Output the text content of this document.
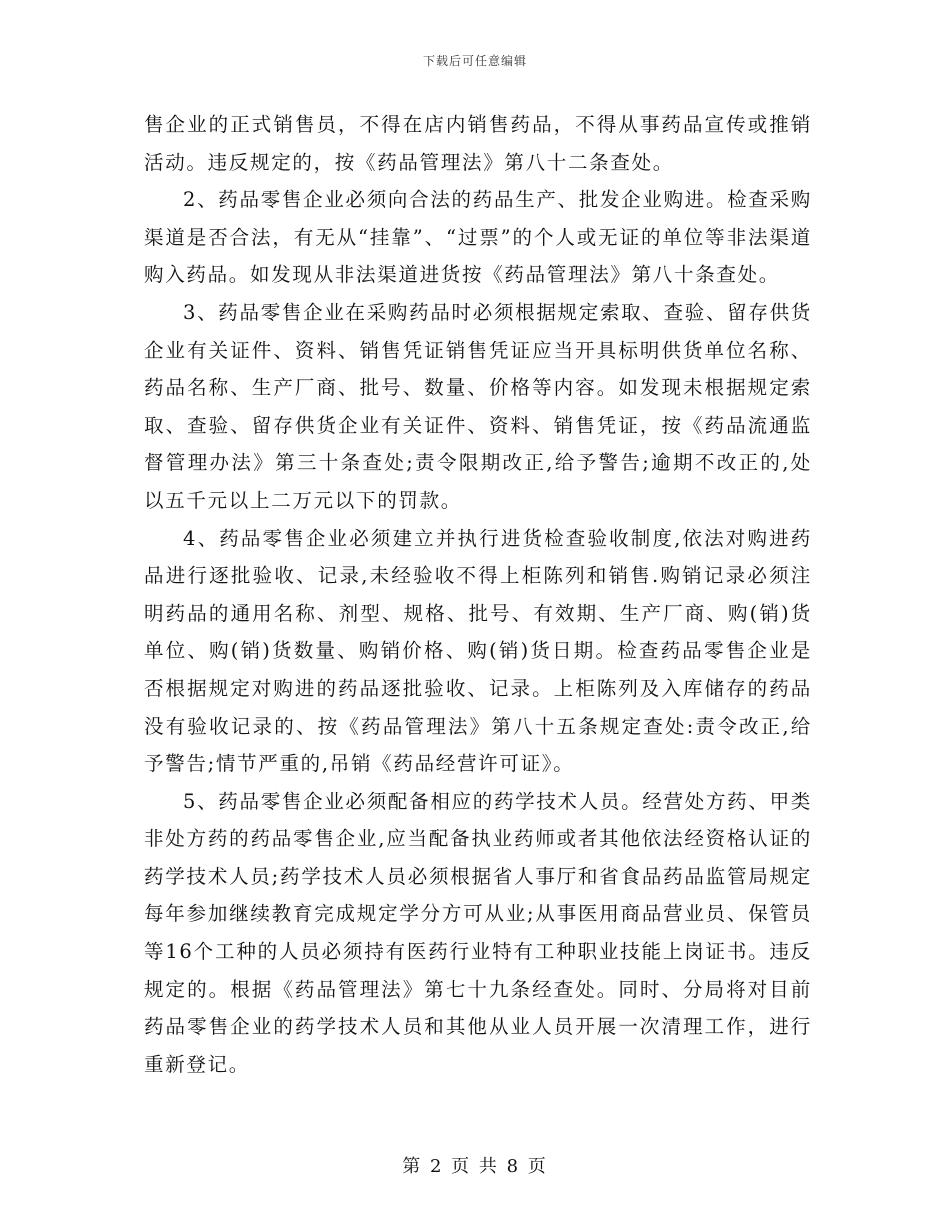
下载后可任意编辑

售企业的正式销售员，不得在店内销售药品，不得从事药品宣传或推销活动。违反规定的，按《药品管理法》第八十二条查处。

2、药品零售企业必须向合法的药品生产、批发企业购进。检查采购渠道是否合法，有无从“挂靠”、“过票”的个人或无证的单位等非法渠道购入药品。如发现从非法渠道进货按《药品管理法》第八十条查处。

3、药品零售企业在采购药品时必须根据规定索取、查验、留存供货企业有关证件、资料、销售凭证销售凭证应当开具标明供货单位名称、药品名称、生产厂商、批号、数量、价格等内容。如发现未根据规定索取、查验、留存供货企业有关证件、资料、销售凭证，按《药品流通监督管理办法》第三十条查处;责令限期改正,给予警告;逾期不改正的,处以五千元以上二万元以下的罚款。

4、药品零售企业必须建立并执行进货检查验收制度,依法对购进药品进行逐批验收、记录,未经验收不得上柜陈列和销售.购销记录必须注明药品的通用名称、剂型、规格、批号、有效期、生产厂商、购(销)货单位、购(销)货数量、购销价格、购(销)货日期。检查药品零售企业是否根据规定对购进的药品逐批验收、记录。上柜陈列及入库储存的药品没有验收记录的、按《药品管理法》第八十五条规定查处:责令改正,给予警告;情节严重的,吊销《药品经营许可证》。

5、药品零售企业必须配备相应的药学技术人员。经营处方药、甲类非处方药的药品零售企业,应当配备执业药师或者其他依法经资格认证的药学技术人员;药学技术人员必须根据省人事厅和省食品药品监管局规定每年参加继续教育完成规定学分方可从业;从事医用商品营业员、保管员等16个工种的人员必须持有医药行业特有工种职业技能上岗证书。违反规定的。根据《药品管理法》第七十九条经查处。同时、分局将对目前药品零售企业的药学技术人员和其他从业人员开展一次清理工作，进行重新登记。

第 2 页 共 8 页
